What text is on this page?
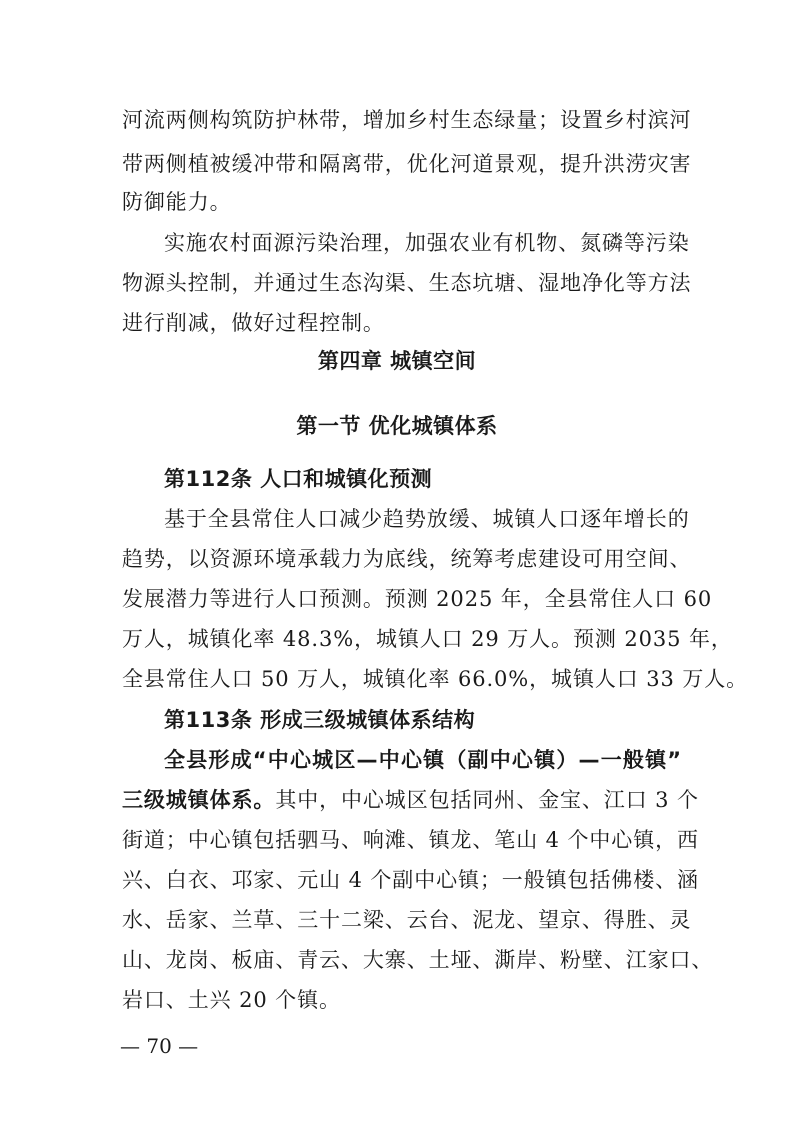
河流两侧构筑防护林带，增加乡村生态绿量；设置乡村滨河
带两侧植被缓冲带和隔离带，优化河道景观，提升洪涝灾害
防御能力。
实施农村面源污染治理，加强农业有机物、氮磷等污染
物源头控制，并通过生态沟渠、生态坑塘、湿地净化等方法
进行削减，做好过程控制。
第四章 城镇空间
第一节 优化城镇体系
第112条 人口和城镇化预测
基于全县常住人口减少趋势放缓、城镇人口逐年增长的
趋势，以资源环境承载力为底线，统筹考虑建设可用空间、
发展潜力等进行人口预测。预测 2025 年，全县常住人口 60
万人，城镇化率 48.3%，城镇人口 29 万人。预测 2035 年，
全县常住人口 50 万人，城镇化率 66.0%，城镇人口 33 万人。
第113条 形成三级城镇体系结构
全县形成“中心城区—中心镇（副中心镇）—一般镇”
三级城镇体系。其中，中心城区包括同州、金宝、江口 3 个
街道；中心镇包括驷马、响滩、镇龙、笔山 4 个中心镇，西
兴、白衣、邛家、元山 4 个副中心镇；一般镇包括佛楼、涵
水、岳家、兰草、三十二梁、云台、泥龙、望京、得胜、灵
山、龙岗、板庙、青云、大寨、土垭、澌岸、粉壁、江家口、
岩口、土兴 20 个镇。
— 70 —
